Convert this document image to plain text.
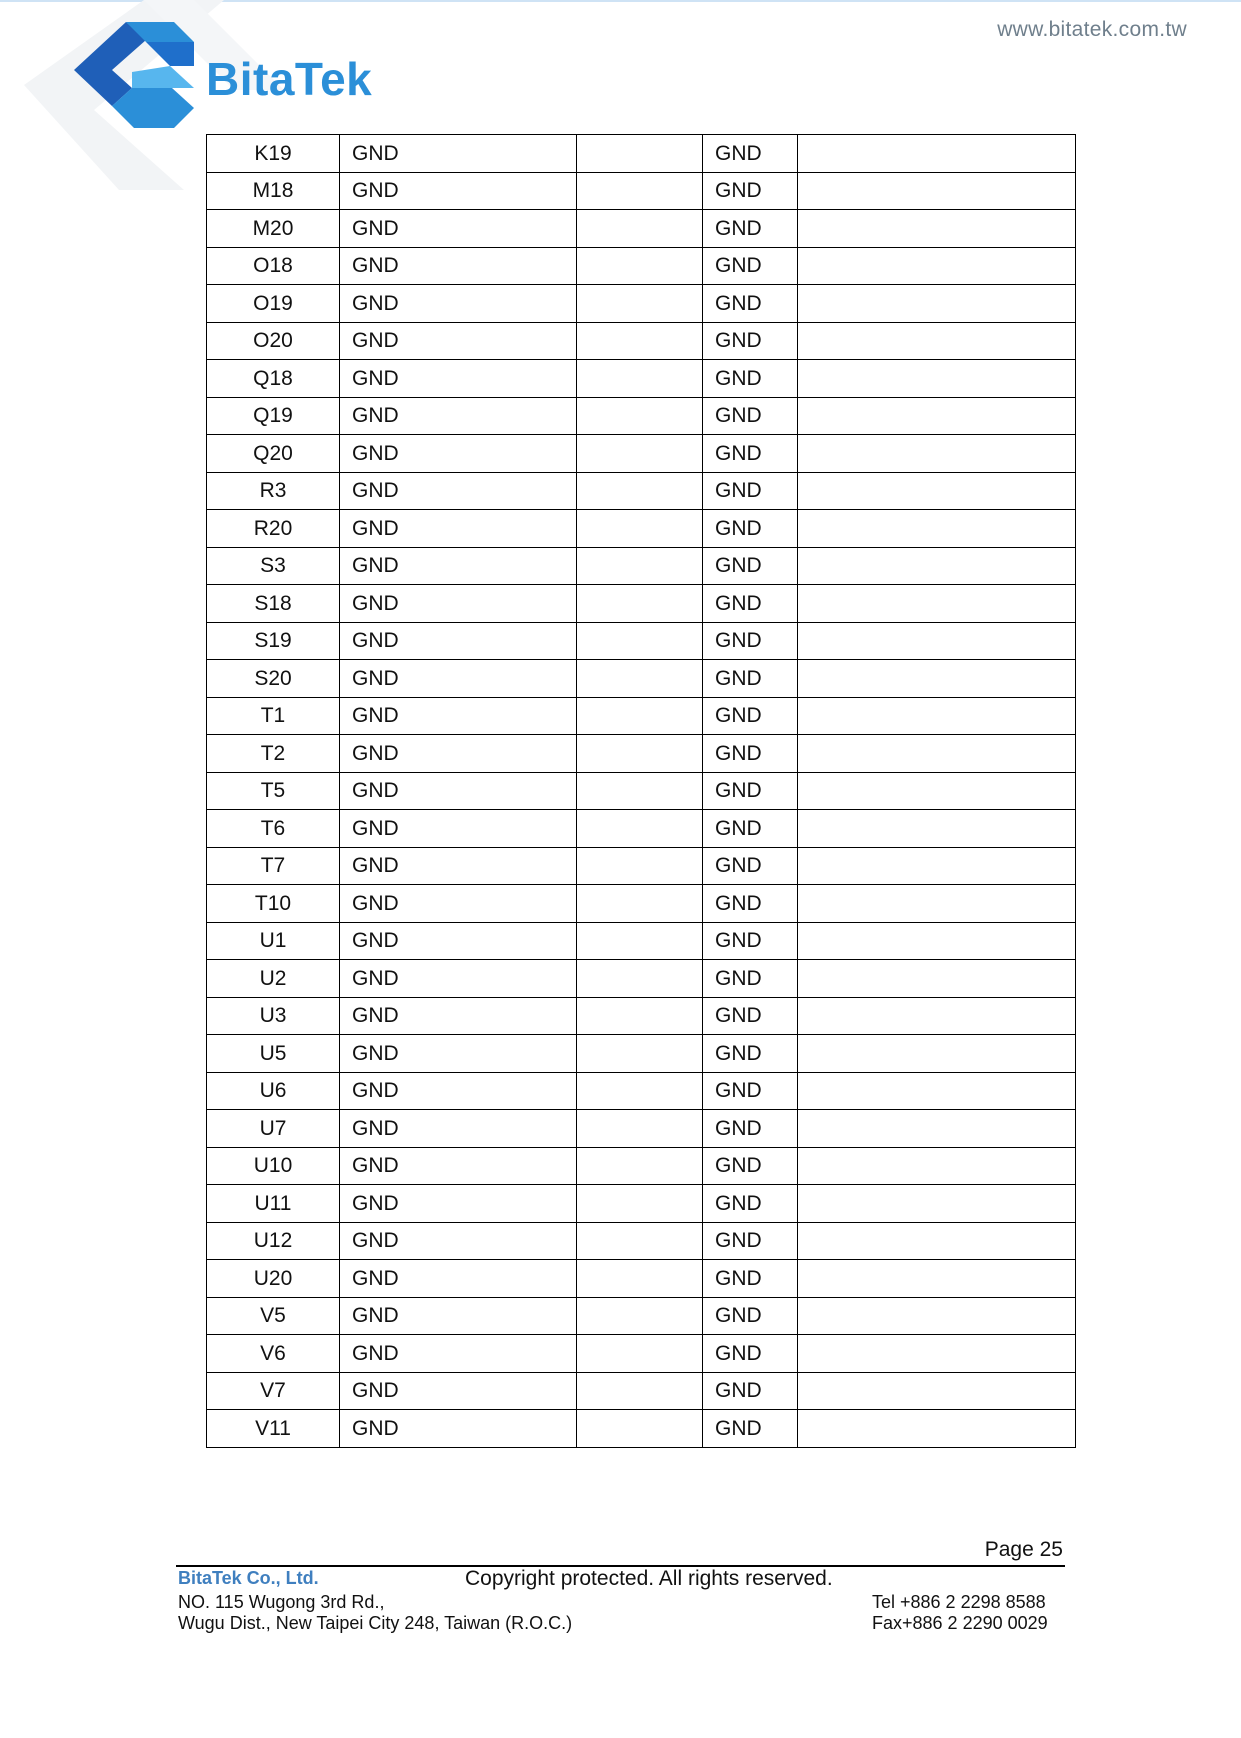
BitaTek
www.bitatek.com.tw
K19	GND		GND	
M18	GND		GND	
M20	GND		GND	
O18	GND		GND	
O19	GND		GND	
O20	GND		GND	
Q18	GND		GND	
Q19	GND		GND	
Q20	GND		GND	
R3	GND		GND	
R20	GND		GND	
S3	GND		GND	
S18	GND		GND	
S19	GND		GND	
S20	GND		GND	
T1	GND		GND	
T2	GND		GND	
T5	GND		GND	
T6	GND		GND	
T7	GND		GND	
T10	GND		GND	
U1	GND		GND	
U2	GND		GND	
U3	GND		GND	
U5	GND		GND	
U6	GND		GND	
U7	GND		GND	
U10	GND		GND	
U11	GND		GND	
U12	GND		GND	
U20	GND		GND	
V5	GND		GND	
V6	GND		GND	
V7	GND		GND	
V11	GND		GND	
Page 25
BitaTek Co., Ltd.	Copyright protected. All rights reserved.
NO. 115 Wugong 3rd Rd.,
Wugu Dist., New Taipei City 248, Taiwan (R.O.C.)
Tel +886 2 2298 8588
Fax+886 2 2290 0029
